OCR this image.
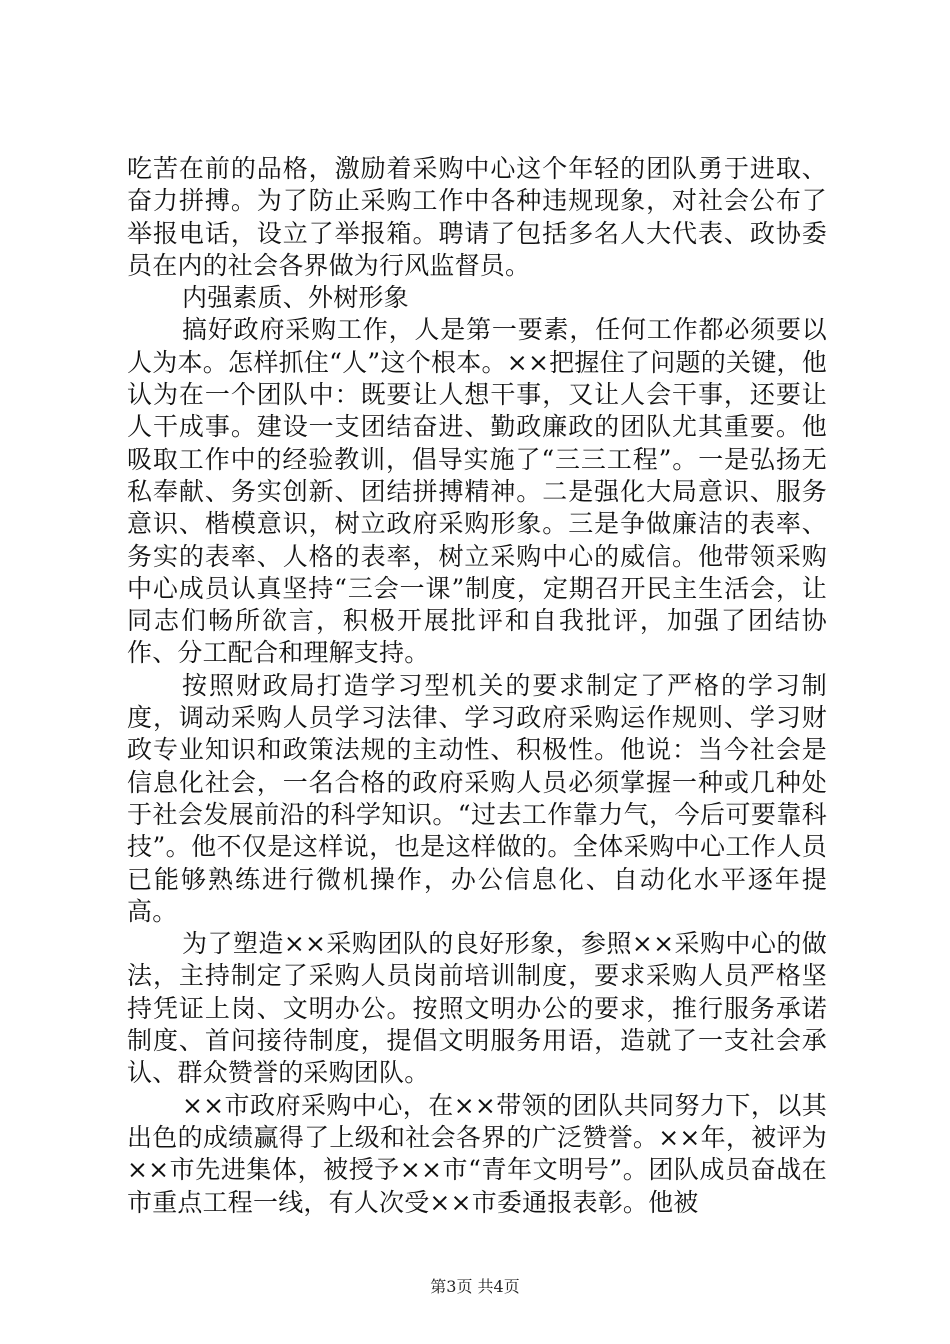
吃苦在前的品格，激励着采购中心这个年轻的团队勇于进取、奋力拼搏。为了防止采购工作中各种违规现象，对社会公布了举报电话，设立了举报箱。聘请了包括多名人大代表、政协委员在内的社会各界做为行风监督员。

内强素质、外树形象

搞好政府采购工作，人是第一要素，任何工作都必须要以人为本。怎样抓住“人”这个根本。××把握住了问题的关键，他认为在一个团队中：既要让人想干事，又让人会干事，还要让人干成事。建设一支团结奋进、勤政廉政的团队尤其重要。他吸取工作中的经验教训，倡导实施了“三三工程”。一是弘扬无私奉献、务实创新、团结拼搏精神。二是强化大局意识、服务意识、楷模意识，树立政府采购形象。三是争做廉洁的表率、务实的表率、人格的表率，树立采购中心的威信。他带领采购中心成员认真坚持“三会一课”制度，定期召开民主生活会，让同志们畅所欲言，积极开展批评和自我批评，加强了团结协作、分工配合和理解支持。

按照财政局打造学习型机关的要求制定了严格的学习制度，调动采购人员学习法律、学习政府采购运作规则、学习财政专业知识和政策法规的主动性、积极性。他说：当今社会是信息化社会，一名合格的政府采购人员必须掌握一种或几种处于社会发展前沿的科学知识。“过去工作靠力气，今后可要靠科技”。他不仅是这样说，也是这样做的。全体采购中心工作人员已能够熟练进行微机操作，办公信息化、自动化水平逐年提高。

为了塑造××采购团队的良好形象，参照××采购中心的做法，主持制定了采购人员岗前培训制度，要求采购人员严格坚持凭证上岗、文明办公。按照文明办公的要求，推行服务承诺制度、首问接待制度，提倡文明服务用语，造就了一支社会承认、群众赞誉的采购团队。

××市政府采购中心，在××带领的团队共同努力下，以其出色的成绩赢得了上级和社会各界的广泛赞誉。××年，被评为××市先进集体，被授予××市“青年文明号”。团队成员奋战在市重点工程一线，有人次受××市委通报表彰。他被

第3页 共4页
